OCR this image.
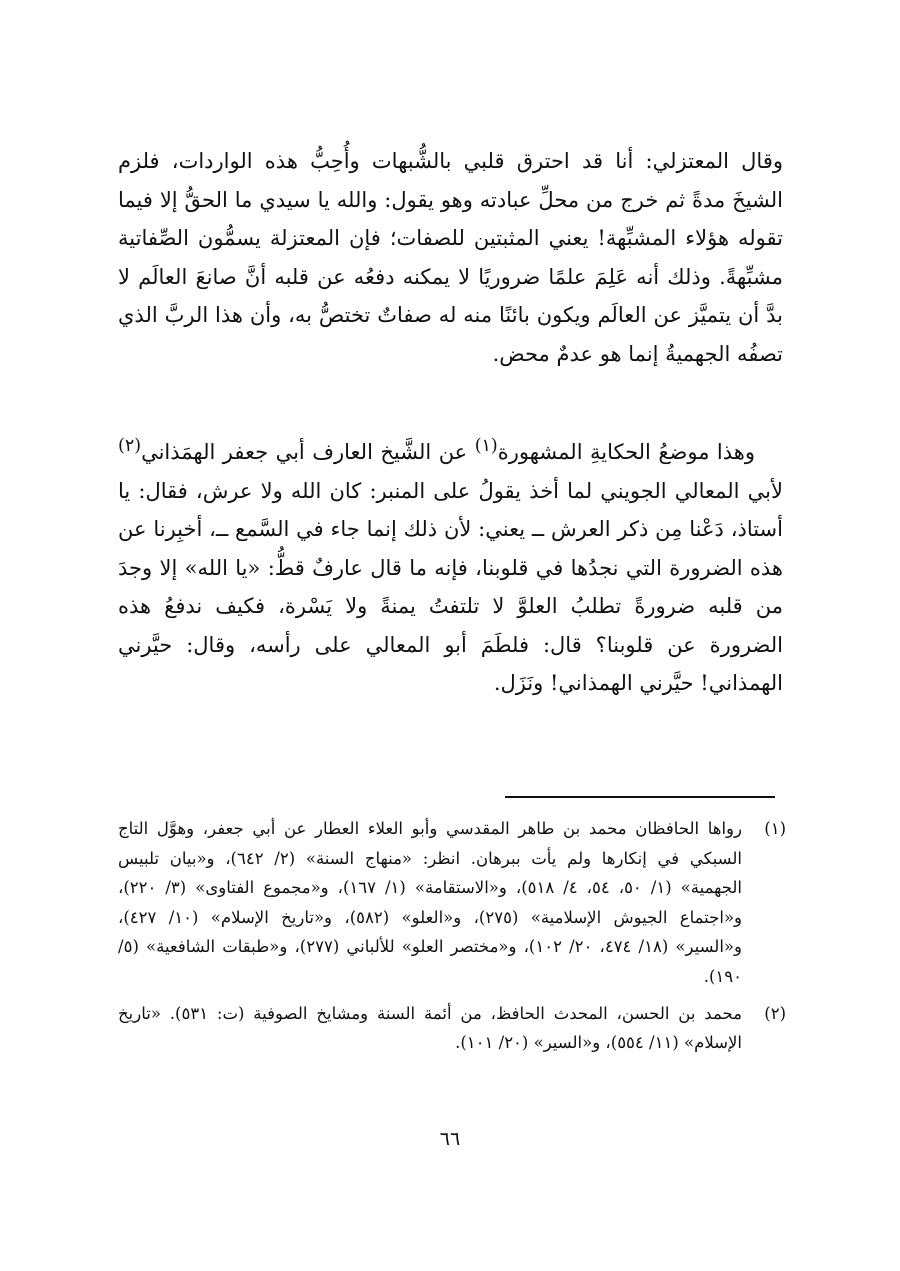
وقال المعتزلي: أنا قد احترق قلبي بالشُّبهات وأُحِبُّ هذه الواردات، فلزم الشيخَ مدةً ثم خرج من محلِّ عبادته وهو يقول: والله يا سيدي ما الحقُّ إلا فيما تقوله هؤلاء المشبِّهة! يعني المثبتين للصفات؛ فإن المعتزلة يسمُّون الصِّفاتية مشبِّهةً. وذلك أنه عَلِمَ علمًا ضروريًا لا يمكنه دفعُه عن قلبه أنَّ صانعَ العالَم لا بدَّ أن يتميَّز عن العالَم ويكون بائنًا منه له صفاتٌ تختصُّ به، وأن هذا الربَّ الذي تصفُه الجهميةُ إنما هو عدمٌ محض.

وهذا موضعُ الحكايةِ المشهورة$^{(١)}$ عن الشَّيخ العارف أبي جعفر الهمَذاني$^{(٢)}$ لأبي المعالي الجويني لما أخذ يقولُ على المنبر: كان الله ولا عرش، فقال: يا أستاذ، دَعْنا مِن ذكر العرش ــ يعني: لأن ذلك إنما جاء في السَّمع ــ، أخبِرنا عن هذه الضرورة التي نجدُها في قلوبنا، فإنه ما قال عارفٌ قطُّ: «يا الله» إلا وجدَ من قلبه ضرورةً تطلبُ العلوَّ لا تلتفتُ يمنةً ولا يَسْرة، فكيف ندفعُ هذه الضرورة عن قلوبنا؟ قال: فلطَمَ أبو المعالي على رأسه، وقال: حيَّرني الهمذاني! حيَّرني الهمذاني! ونَزَل.

(١)
رواها الحافظان محمد بن طاهر المقدسي وأبو العلاء العطار عن أبي جعفر، وهوَّل التاج السبكي في إنكارها ولم يأت ببرهان. انظر: «منهاج السنة» (٢/ ٦٤٢)، و«بيان تلبيس الجهمية» (١/ ٥٠، ٥٤، ٤/ ٥١٨)، و«الاستقامة» (١/ ١٦٧)، و«مجموع الفتاوى» (٣/ ٢٢٠)، و«اجتماع الجيوش الإسلامية» (٢٧٥)، و«العلو» (٥٨٢)، و«تاريخ الإسلام» (١٠/ ٤٢٧)، و«السير» (١٨/ ٤٧٤، ٢٠/ ١٠٢)، و«مختصر العلو» للألباني (٢٧٧)، و«طبقات الشافعية» (٥/ ١٩٠).
(٢)
محمد بن الحسن، المحدث الحافظ، من أئمة السنة ومشايخ الصوفية (ت: ٥٣١). «تاريخ الإسلام» (١١/ ٥٥٤)، و«السير» (٢٠/ ١٠١).
٦٦
